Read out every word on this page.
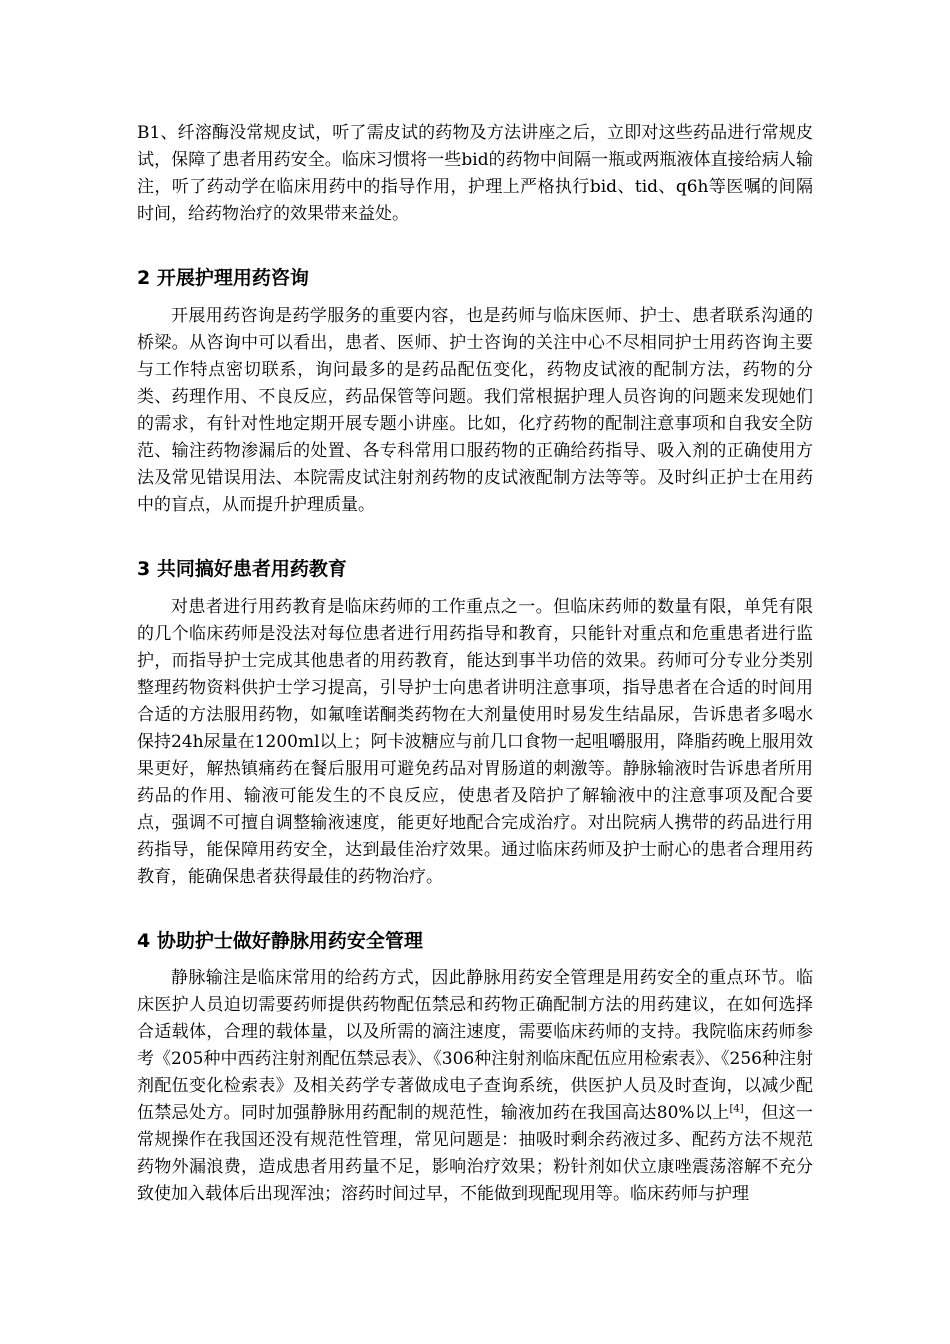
B1、纤溶酶没常规皮试，听了需皮试的药物及方法讲座之后，立即对这些药品进行常规皮试，保障了患者用药安全。临床习惯将一些bid的药物中间隔一瓶或两瓶液体直接给病人输注，听了药动学在临床用药中的指导作用，护理上严格执行bid、tid、q6h等医嘱的间隔时间，给药物治疗的效果带来益处。

2 开展护理用药咨询

开展用药咨询是药学服务的重要内容，也是药师与临床医师、护士、患者联系沟通的桥梁。从咨询中可以看出，患者、医师、护士咨询的关注中心不尽相同护士用药咨询主要与工作特点密切联系，询问最多的是药品配伍变化，药物皮试液的配制方法，药物的分类、药理作用、不良反应，药品保管等问题。我们常根据护理人员咨询的问题来发现她们的需求，有针对性地定期开展专题小讲座。比如，化疗药物的配制注意事项和自我安全防范、输注药物渗漏后的处置、各专科常用口服药物的正确给药指导、吸入剂的正确使用方法及常见错误用法、本院需皮试注射剂药物的皮试液配制方法等等。及时纠正护士在用药中的盲点，从而提升护理质量。

3 共同搞好患者用药教育

对患者进行用药教育是临床药师的工作重点之一。但临床药师的数量有限，单凭有限的几个临床药师是没法对每位患者进行用药指导和教育，只能针对重点和危重患者进行监护，而指导护士完成其他患者的用药教育，能达到事半功倍的效果。药师可分专业分类别整理药物资料供护士学习提高，引导护士向患者讲明注意事项，指导患者在合适的时间用合适的方法服用药物，如氟喹诺酮类药物在大剂量使用时易发生结晶尿，告诉患者多喝水保持24h尿量在1200ml以上；阿卡波糖应与前几口食物一起咀嚼服用，降脂药晚上服用效果更好，解热镇痛药在餐后服用可避免药品对胃肠道的刺激等。静脉输液时告诉患者所用药品的作用、输液可能发生的不良反应，使患者及陪护了解输液中的注意事项及配合要点，强调不可擅自调整输液速度，能更好地配合完成治疗。对出院病人携带的药品进行用药指导，能保障用药安全，达到最佳治疗效果。通过临床药师及护士耐心的患者合理用药教育，能确保患者获得最佳的药物治疗。

4 协助护士做好静脉用药安全管理

静脉输注是临床常用的给药方式，因此静脉用药安全管理是用药安全的重点环节。临床医护人员迫切需要药师提供药物配伍禁忌和药物正确配制方法的用药建议，在如何选择合适载体，合理的载体量，以及所需的滴注速度，需要临床药师的支持。我院临床药师参考《205种中西药注射剂配伍禁忌表》、《306种注射剂临床配伍应用检索表》、《256种注射剂配伍变化检索表》及相关药学专著做成电子查询系统，供医护人员及时查询，以减少配伍禁忌处方。同时加强静脉用药配制的规范性，输液加药在我国高达80%以上[4]，但这一常规操作在我国还没有规范性管理，常见问题是：抽吸时剩余药液过多、配药方法不规范药物外漏浪费，造成患者用药量不足，影响治疗效果；粉针剂如伏立康唑震荡溶解不充分致使加入载体后出现浑浊；溶药时间过早，不能做到现配现用等。临床药师与护理
